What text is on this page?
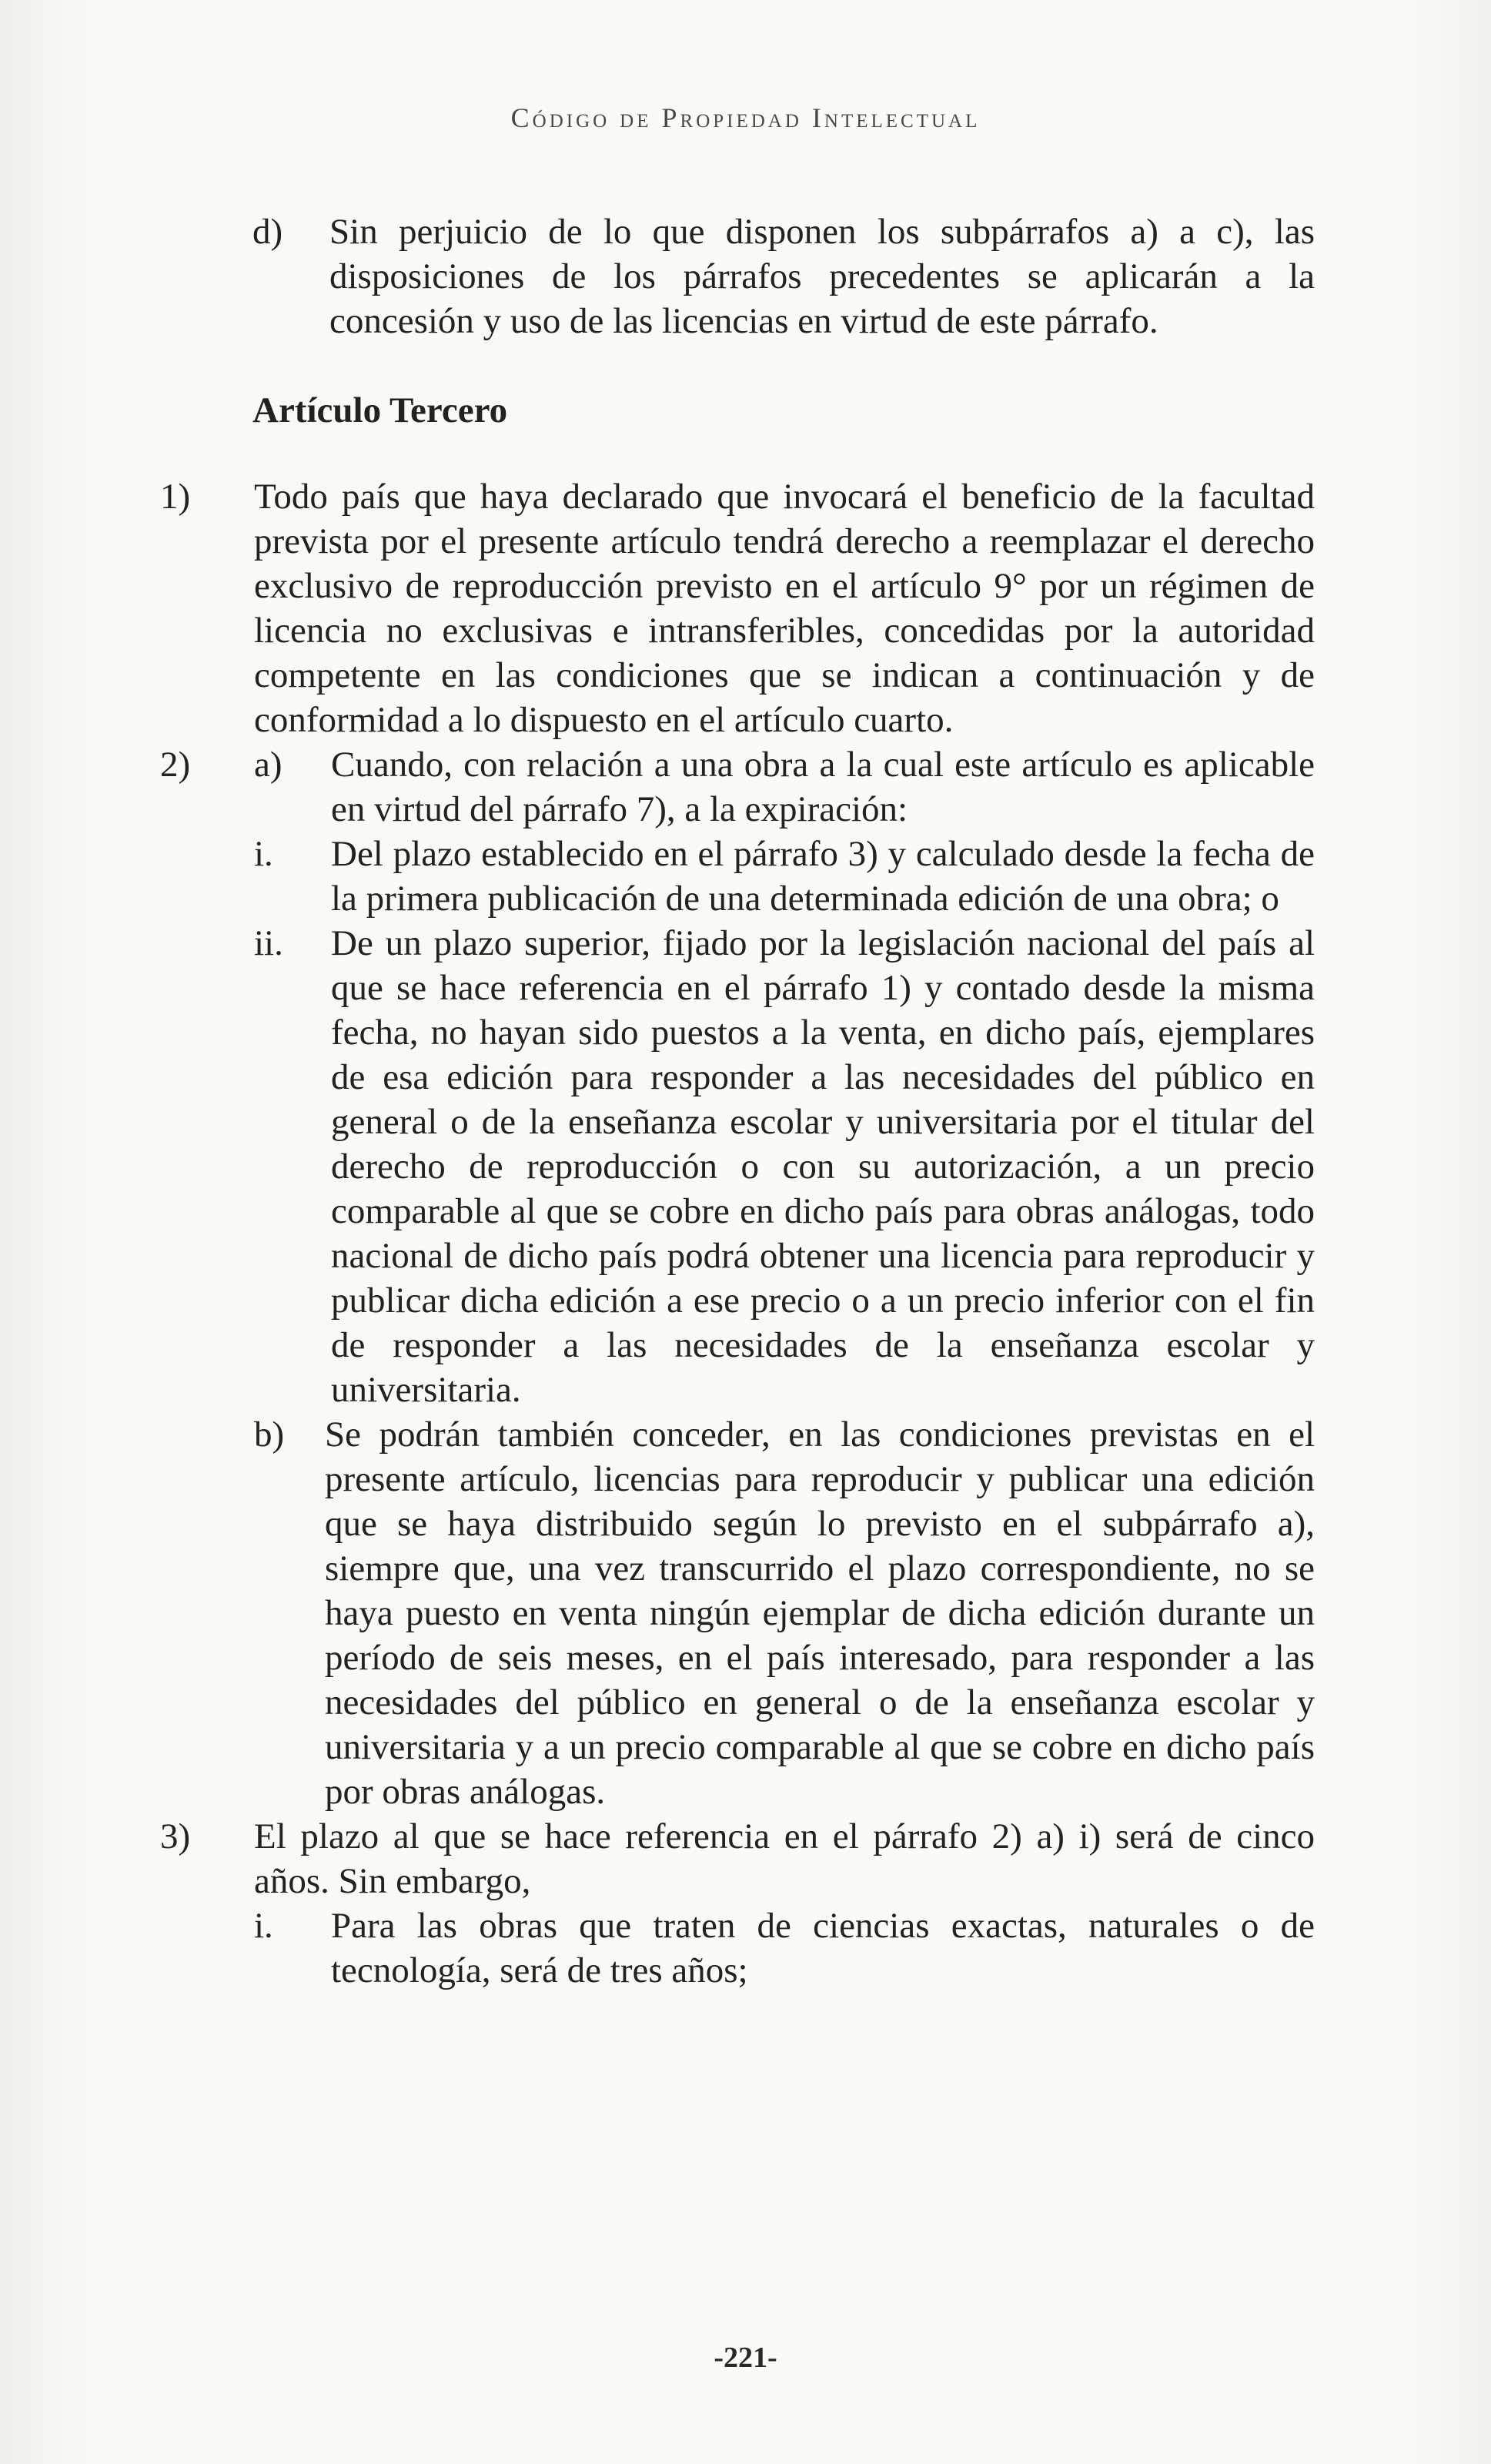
Código de Propiedad Intelectual
d)	Sin perjuicio de lo que disponen los subpárrafos a) a c), las disposiciones de los párrafos precedentes se aplicarán a la concesión y uso de las licencias en virtud de este párrafo.
Artículo Tercero
1)	Todo país que haya declarado que invocará el beneficio de la facultad prevista por el presente artículo tendrá derecho a reemplazar el derecho exclusivo de reproducción previsto en el artículo 9° por un régimen de licencia no exclusivas e intransferibles, concedidas por la autoridad competente en las condiciones que se indican a continuación y de conformidad a lo dispuesto en el artículo cuarto.
2)	a)	Cuando, con relación a una obra a la cual este artículo es aplicable en virtud del párrafo 7), a la expiración:
i.	Del plazo establecido en el párrafo 3) y calculado desde la fecha de la primera publicación de una determinada edición de una obra; o
ii.	De un plazo superior, fijado por la legislación nacional del país al que se hace referencia en el párrafo 1) y contado desde la misma fecha, no hayan sido puestos a la venta, en dicho país, ejemplares de esa edición para responder a las necesidades del público en general o de la enseñanza escolar y universitaria por el titular del derecho de reproducción o con su autorización, a un precio comparable al que se cobre en dicho país para obras análogas, todo nacional de dicho país podrá obtener una licencia para reproducir y publicar dicha edición a ese precio o a un precio inferior con el fin de responder a las necesidades de la enseñanza escolar y universitaria.
b)	Se podrán también conceder, en las condiciones previstas en el presente artículo, licencias para reproducir y publicar una edición que se haya distribuido según lo previsto en el subpárrafo a), siempre que, una vez transcurrido el plazo correspondiente, no se haya puesto en venta ningún ejemplar de dicha edición durante un período de seis meses, en el país interesado, para responder a las necesidades del público en general o de la enseñanza escolar y universitaria y a un precio comparable al que se cobre en dicho país por obras análogas.
3)	El plazo al que se hace referencia en el párrafo 2) a) i) será de cinco años. Sin embargo,
i.	Para las obras que traten de ciencias exactas, naturales o de tecnología, será de tres años;
-221-
